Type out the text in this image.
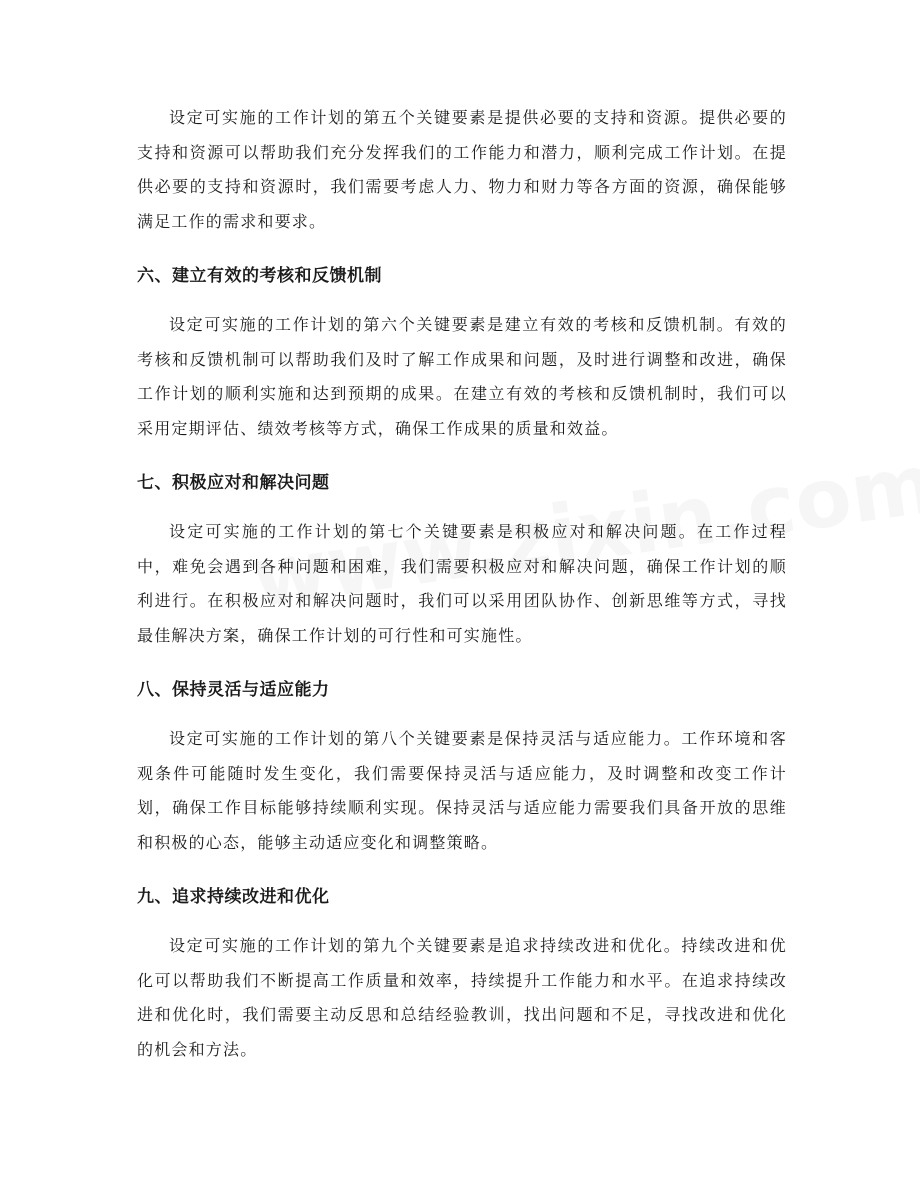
设定可实施的工作计划的第五个关键要素是提供必要的支持和资源。提供必要的支持和资源可以帮助我们充分发挥我们的工作能力和潜力，顺利完成工作计划。在提供必要的支持和资源时，我们需要考虑人力、物力和财力等各方面的资源，确保能够满足工作的需求和要求。

六、建立有效的考核和反馈机制

设定可实施的工作计划的第六个关键要素是建立有效的考核和反馈机制。有效的考核和反馈机制可以帮助我们及时了解工作成果和问题，及时进行调整和改进，确保工作计划的顺利实施和达到预期的成果。在建立有效的考核和反馈机制时，我们可以采用定期评估、绩效考核等方式，确保工作成果的质量和效益。

七、积极应对和解决问题

设定可实施的工作计划的第七个关键要素是积极应对和解决问题。在工作过程中，难免会遇到各种问题和困难，我们需要积极应对和解决问题，确保工作计划的顺利进行。在积极应对和解决问题时，我们可以采用团队协作、创新思维等方式，寻找最佳解决方案，确保工作计划的可行性和可实施性。

八、保持灵活与适应能力

设定可实施的工作计划的第八个关键要素是保持灵活与适应能力。工作环境和客观条件可能随时发生变化，我们需要保持灵活与适应能力，及时调整和改变工作计划，确保工作目标能够持续顺利实现。保持灵活与适应能力需要我们具备开放的思维和积极的心态，能够主动适应变化和调整策略。

九、追求持续改进和优化

设定可实施的工作计划的第九个关键要素是追求持续改进和优化。持续改进和优化可以帮助我们不断提高工作质量和效率，持续提升工作能力和水平。在追求持续改进和优化时，我们需要主动反思和总结经验教训，找出问题和不足，寻找改进和优化的机会和方法。
